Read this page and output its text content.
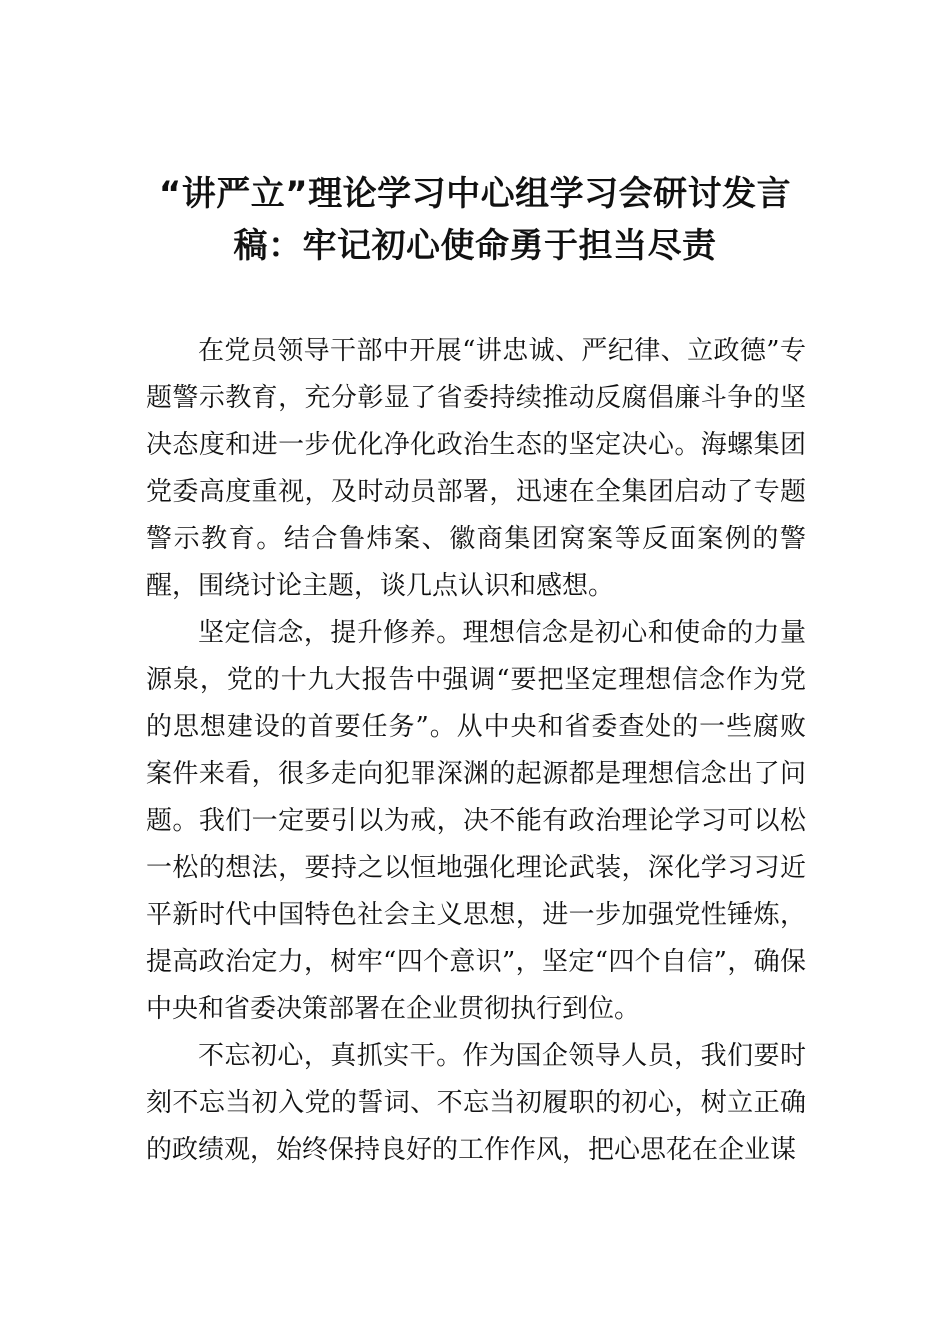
“讲严立”理论学习中心组学习会研讨发言
稿：牢记初心使命勇于担当尽责

在党员领导干部中开展“讲忠诚、严纪律、立政德”专题警示教育，充分彰显了省委持续推动反腐倡廉斗争的坚决态度和进一步优化净化政治生态的坚定决心。海螺集团党委高度重视，及时动员部署，迅速在全集团启动了专题警示教育。结合鲁炜案、徽商集团窝案等反面案例的警醒，围绕讨论主题，谈几点认识和感想。

坚定信念，提升修养。理想信念是初心和使命的力量源泉，党的十九大报告中强调“要把坚定理想信念作为党的思想建设的首要任务”。从中央和省委查处的一些腐败案件来看，很多走向犯罪深渊的起源都是理想信念出了问题。我们一定要引以为戒，决不能有政治理论学习可以松一松的想法，要持之以恒地强化理论武装，深化学习习近平新时代中国特色社会主义思想，进一步加强党性锤炼，提高政治定力，树牢“四个意识”，坚定“四个自信”，确保中央和省委决策部署在企业贯彻执行到位。

不忘初心，真抓实干。作为国企领导人员，我们要时刻不忘当初入党的誓词、不忘当初履职的初心，树立正确的政绩观，始终保持良好的工作作风，把心思花在企业谋
